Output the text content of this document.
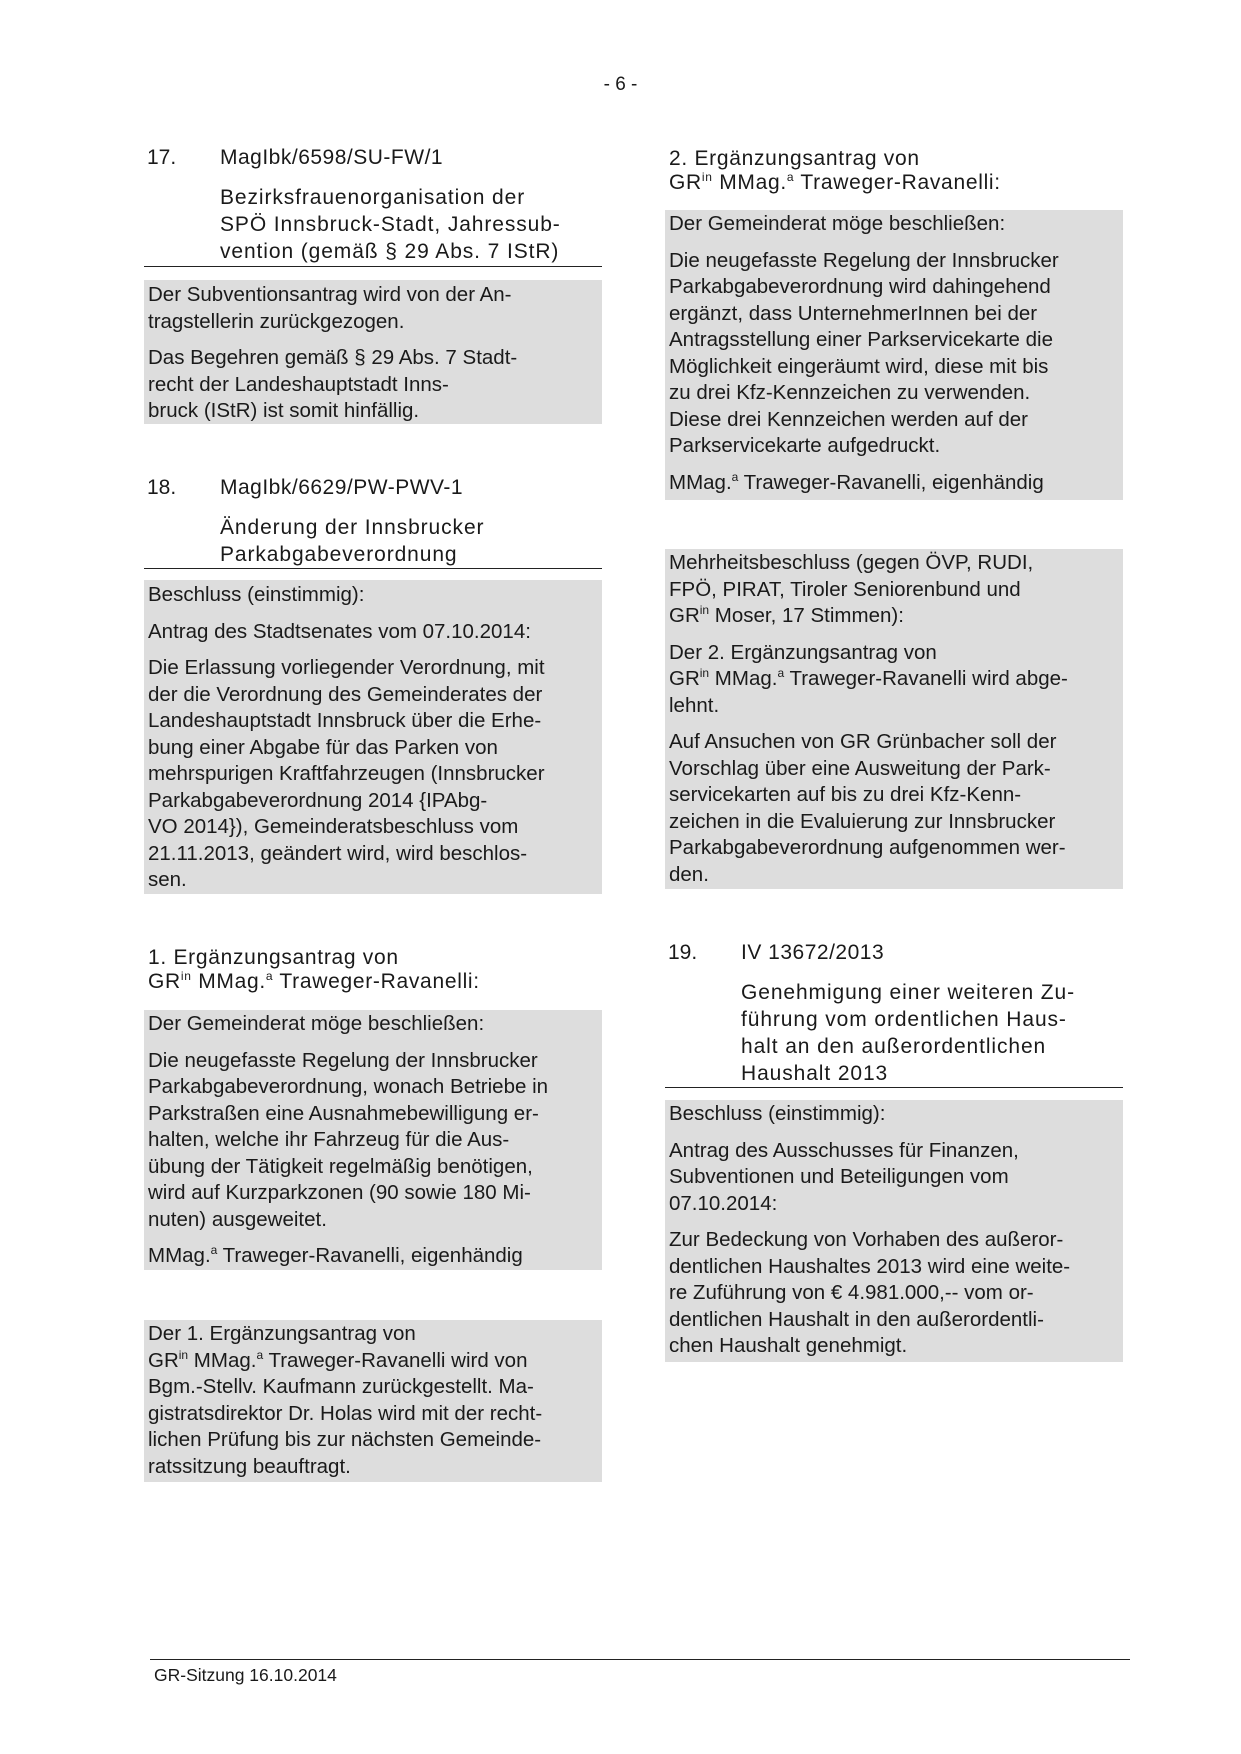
- 6 -
17. MagIbk/6598/SU-FW/1
Bezirksfrauenorganisation der
SPÖ Innsbruck-Stadt, Jahressub-
vention (gemäß § 29 Abs. 7 IStR)

Der Subventionsantrag wird von der An-
tragstellerin zurückgezogen.

Das Begehren gemäß § 29 Abs. 7 Stadt-
recht der Landeshauptstadt Inns-
bruck (IStR) ist somit hinfällig.

18. MagIbk/6629/PW-PWV-1
Änderung der Innsbrucker
Parkabgabeverordnung

Beschluss (einstimmig):

Antrag des Stadtsenates vom 07.10.2014:

Die Erlassung vorliegender Verordnung, mit
der die Verordnung des Gemeinderates der
Landeshauptstadt Innsbruck über die Erhe-
bung einer Abgabe für das Parken von
mehrspurigen Kraftfahrzeugen (Innsbrucker
Parkabgabeverordnung 2014 {IPAbg-
VO 2014}), Gemeinderatsbeschluss vom
21.11.2013, geändert wird, wird beschlos-
sen.

1. Ergänzungsantrag von
$GR^{in}$ MMag.$^a$ Traweger-Ravanelli:

Der Gemeinderat möge beschließen:

Die neugefasste Regelung der Innsbrucker
Parkabgabeverordnung, wonach Betriebe in
Parkstraßen eine Ausnahmebewilligung er-
halten, welche ihr Fahrzeug für die Aus-
übung der Tätigkeit regelmäßig benötigen,
wird auf Kurzparkzonen (90 sowie 180 Mi-
nuten) ausgeweitet.

MMag.$^a$ Traweger-Ravanelli, eigenhändig

Der 1. Ergänzungsantrag von
$GR^{in}$ MMag.$^a$ Traweger-Ravanelli wird von
Bgm.-Stellv. Kaufmann zurückgestellt. Ma-
gistratsdirektor Dr. Holas wird mit der recht-
lichen Prüfung bis zur nächsten Gemeinde-
ratssitzung beauftragt.

2. Ergänzungsantrag von
$GR^{in}$ MMag.$^a$ Traweger-Ravanelli:

Der Gemeinderat möge beschließen:

Die neugefasste Regelung der Innsbrucker
Parkabgabeverordnung wird dahingehend
ergänzt, dass UnternehmerInnen bei der
Antragsstellung einer Parkservicekarte die
Möglichkeit eingeräumt wird, diese mit bis
zu drei Kfz-Kennzeichen zu verwenden.
Diese drei Kennzeichen werden auf der
Parkservicekarte aufgedruckt.

MMag.$^a$ Traweger-Ravanelli, eigenhändig

Mehrheitsbeschluss (gegen ÖVP, RUDI,
FPÖ, PIRAT, Tiroler Seniorenbund und
$GR^{in}$ Moser, 17 Stimmen):

Der 2. Ergänzungsantrag von
$GR^{in}$ MMag.$^a$ Traweger-Ravanelli wird abge-
lehnt.

Auf Ansuchen von GR Grünbacher soll der
Vorschlag über eine Ausweitung der Park-
servicekarten auf bis zu drei Kfz-Kenn-
zeichen in die Evaluierung zur Innsbrucker
Parkabgabeverordnung aufgenommen wer-
den.

19. IV 13672/2013
Genehmigung einer weiteren Zu-
führung vom ordentlichen Haus-
halt an den außerordentlichen
Haushalt 2013

Beschluss (einstimmig):

Antrag des Ausschusses für Finanzen,
Subventionen und Beteiligungen vom
07.10.2014:

Zur Bedeckung von Vorhaben des außeror-
dentlichen Haushaltes 2013 wird eine weite-
re Zuführung von € 4.981.000,-- vom or-
dentlichen Haushalt in den außerordentli-
chen Haushalt genehmigt.

GR-Sitzung 16.10.2014
